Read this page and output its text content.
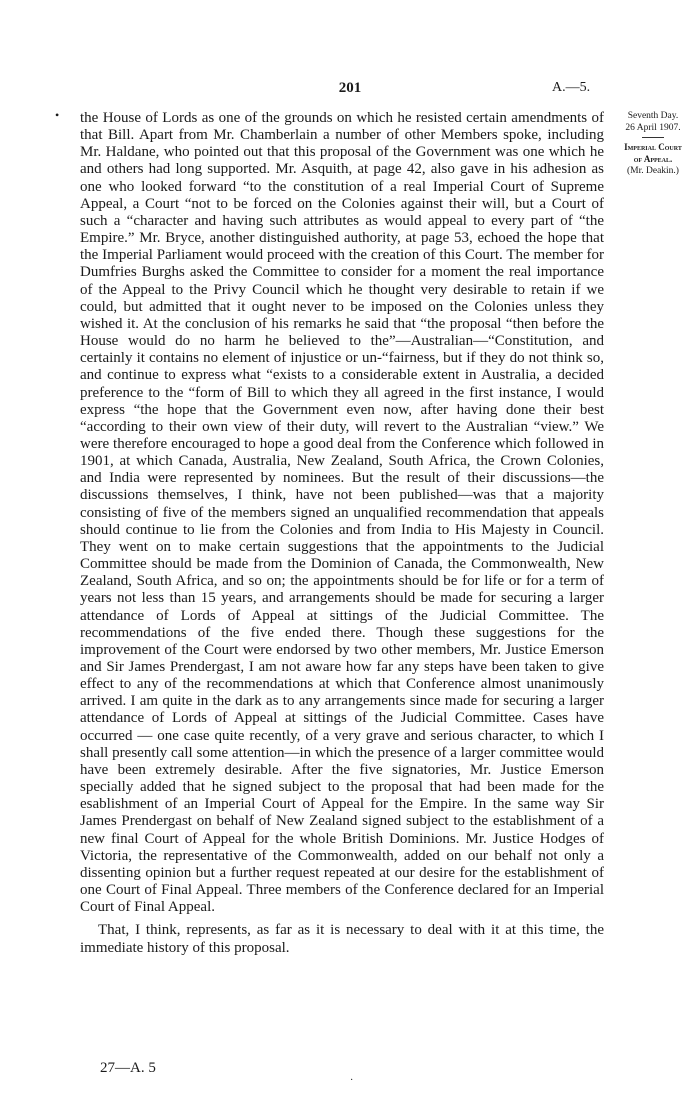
•
201	A.—5.
Seventh Day.
26 April 1907.
Imperial Court
of Appeal.
(Mr. Deakin.)

the House of Lords as one of the grounds on which he resisted certain amendments of that Bill. Apart from Mr. Chamberlain a number of other Members spoke, including Mr. Haldane, who pointed out that this proposal of the Government was one which he and others had long supported. Mr. Asquith, at page 42, also gave in his adhesion as one who looked forward “to the constitution of a real Imperial Court of Supreme Appeal, a Court “not to be forced on the Colonies against their will, but a Court of such a “character and having such attributes as would appeal to every part of “the Empire.” Mr. Bryce, another distinguished authority, at page 53, echoed the hope that the Imperial Parliament would proceed with the creation of this Court. The member for Dumfries Burghs asked the Committee to consider for a moment the real importance of the Appeal to the Privy Council which he thought very desirable to retain if we could, but admitted that it ought never to be imposed on the Colonies unless they wished it. At the conclusion of his remarks he said that “the proposal “then before the House would do no harm he believed to the”—Australian—“Constitution, and certainly it contains no element of injustice or un-“fairness, but if they do not think so, and continue to express what “exists to a considerable extent in Australia, a decided preference to the “form of Bill to which they all agreed in the first instance, I would express “the hope that the Government even now, after having done their best “according to their own view of their duty, will revert to the Australian “view.” We were therefore encouraged to hope a good deal from the Conference which followed in 1901, at which Canada, Australia, New Zealand, South Africa, the Crown Colonies, and India were represented by nominees. But the result of their discussions—the discussions themselves, I think, have not been published—was that a majority consisting of five of the members signed an unqualified recommendation that appeals should continue to lie from the Colonies and from India to His Majesty in Council. They went on to make certain suggestions that the appointments to the Judicial Committee should be made from the Dominion of Canada, the Commonwealth, New Zealand, South Africa, and so on; the appointments should be for life or for a term of years not less than 15 years, and arrangements should be made for securing a larger attendance of Lords of Appeal at sittings of the Judicial Committee. The recommendations of the five ended there. Though these suggestions for the improvement of the Court were endorsed by two other members, Mr. Justice Emerson and Sir James Prendergast, I am not aware how far any steps have been taken to give effect to any of the recommendations at which that Conference almost unanimously arrived. I am quite in the dark as to any arrangements since made for securing a larger attendance of Lords of Appeal at sittings of the Judicial Committee. Cases have occurred — one case quite recently, of a very grave and serious character, to which I shall presently call some attention—in which the presence of a larger committee would have been extremely desirable. After the five signatories, Mr. Justice Emerson specially added that he signed subject to the proposal that had been made for the esablishment of an Imperial Court of Appeal for the Empire. In the same way Sir James Prendergast on behalf of New Zealand signed subject to the establishment of a new final Court of Appeal for the whole British Dominions. Mr. Justice Hodges of Victoria, the representative of the Commonwealth, added on our behalf not only a dissenting opinion but a further request repeated at our desire for the establishment of one Court of Final Appeal. Three members of the Conference declared for an Imperial Court of Final Appeal.

That, I think, represents, as far as it is necessary to deal with it at this time, the immediate history of this proposal.

27—A. 5
·
